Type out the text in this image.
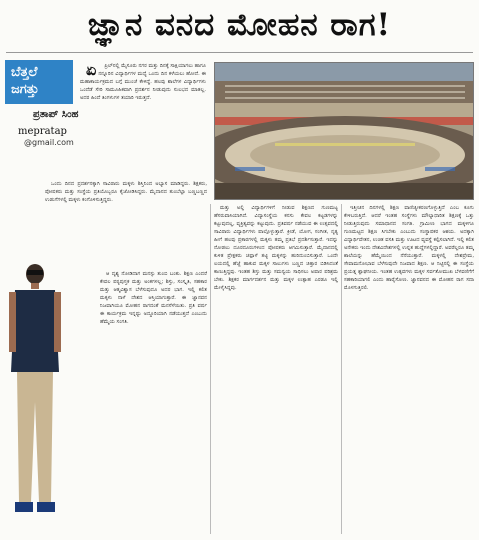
ಜ್ಞಾನ ವನದ ಮೋಹನ ರಾಗ!
ಬೆತ್ತಲೆ
ಜಗತ್ತು
ಪ್ರತಾಪ್ ಸಿಂಹ
mepratap
@gmail.com

ಏ ಪ್ರಿಲ್‌ನಲ್ಲಿ ಮೈಸೂರು ನಗರ ಮತ್ತು ದಿನಕ್ಕೆ ಸಾಕ್ಷಿಯಾಗಲು ಹಾಗೂ ನನ್ನೂರಿನ ವಿದ್ಯಾರ್ಥಿಗಳ ಮಧ್ಯೆ ಒಂದು ದಿನ ಕಳೆಯಲು ಹೋದೆ. ಈ ಮಹಾಕಾರ್ಯಕ್ರಮದ ಬಗ್ಗೆ ಮುಂಚೆ ಕೇಳಿದ್ದೆ. ಹಲವು ಶಾಲೆಗಳ ವಿದ್ಯಾರ್ಥಿಗಳು ಒಂದೆಡೆ ಸೇರಿ ಸಾಮೂಹಿಕವಾಗಿ ಪ್ರದರ್ಶನ ನೀಡುವುದು ಸುಲಭದ ಮಾತಲ್ಲ. ಅದರ ಹಿಂದೆ ತಿಂಗಳುಗಳ ತಯಾರಿ ಇರುತ್ತದೆ.

ಒಂದು ದಿನದ ಪ್ರದರ್ಶನಕ್ಕಾಗಿ ಸಾವಿರಾರು ಮಕ್ಕಳು ಶಿಸ್ತಿನಿಂದ ಅಭ್ಯಾಸ ಮಾಡಿದ್ದರು. ಶಿಕ್ಷಕರು, ಪೋಷಕರು ಮತ್ತು ಸಂಸ್ಥೆಯ ಪ್ರತಿಯೊಬ್ಬರೂ ಕೈಜೋಡಿಸಿದ್ದರು. ಮೈದಾನದ ತುಂಬೆಲ್ಲಾ ಬಣ್ಣಬಣ್ಣದ ಉಡುಗೆಗಳಲ್ಲಿ ಮಕ್ಕಳು ಕಂಗೊಳಿಸುತ್ತಿದ್ದರು.

ಆ ದೃಶ್ಯ ನೋಡಿದಾಗ ಮನಸ್ಸು ತುಂಬಿ ಬಂತು. ಶಿಕ್ಷಣ ಎಂದರೆ ಕೇವಲ ಪಠ್ಯಪುಸ್ತಕ ಮತ್ತು ಅಂಕಗಳಲ್ಲ; ಶಿಸ್ತು, ಸಂಸ್ಕೃತಿ, ಸಹಕಾರ ಮತ್ತು ಆತ್ಮವಿಶ್ವಾಸ ಬೆಳೆಸುವುದೂ ಅದರ ಭಾಗ. ಇಲ್ಲಿ ಕಲಿತ ಮಕ್ಕಳು ನಾಳೆ ದೇಶದ ಆಸ್ತಿಯಾಗುತ್ತಾರೆ. ಈ ಜ್ಞಾನವನ ನಿಜವಾಗಿಯೂ ಮೋಹನ ರಾಗದಂತೆ ಮನಸೆಳೆಯಿತು. ಪ್ರತಿ ವರ್ಷ ಈ ಕಾರ್ಯಕ್ರಮ ಇನ್ನಷ್ಟು ಅದ್ದೂರಿಯಾಗಿ ನಡೆಯುತ್ತದೆ ಎಂಬುದು ಹೆಮ್ಮೆಯ ಸಂಗತಿ.

ಮತ್ತು ಅಲ್ಲಿ ವಿದ್ಯಾರ್ಥಿಗಳಿಗೆ ನೀಡುವ ಶಿಕ್ಷಣದ ಗುಣಮಟ್ಟ ಹೆಸರುವಾಸಿಯಾಗಿದೆ. ವಿದ್ಯಾಸಂಸ್ಥೆಯ ಕನಸು ಕೇವಲ ಕಟ್ಟಡಗಳನ್ನು ಕಟ್ಟುವುದಲ್ಲ, ವ್ಯಕ್ತಿತ್ವವನ್ನು ಕಟ್ಟುವುದು. ಪ್ರತಿವರ್ಷ ನಡೆಯುವ ಈ ಉತ್ಸವದಲ್ಲಿ ಸಾವಿರಾರು ವಿದ್ಯಾರ್ಥಿಗಳು ಪಾಲ್ಗೊಳ್ಳುತ್ತಾರೆ. ಕ್ರೀಡೆ, ಯೋಗ, ಸಂಗೀತ, ನೃತ್ಯ ಹೀಗೆ ಹಲವು ಪ್ರಕಾರಗಳಲ್ಲಿ ಮಕ್ಕಳು ತಮ್ಮ ಪ್ರತಿಭೆ ಪ್ರದರ್ಶಿಸುತ್ತಾರೆ. ಇದನ್ನು ನೋಡಲು ದೂರದೂರುಗಳಿಂದ ಪೋಷಕರು ಆಗಮಿಸುತ್ತಾರೆ. ಮೈದಾನದಲ್ಲಿ ಕುಳಿತ ಪ್ರೇಕ್ಷಕರು ಚಪ್ಪಾಳೆ ತಟ್ಟಿ ಮಕ್ಕಳನ್ನು ಹುರಿದುಂಬಿಸುತ್ತಾರೆ. ಒಂದೇ ಲಯದಲ್ಲಿ ಹೆಜ್ಜೆ ಹಾಕುವ ಮಕ್ಕಳ ಸಾಲುಗಳು ಬಣ್ಣದ ಚಿತ್ತಾರ ಬಿಡಿಸಿದಂತೆ ಕಾಣುತ್ತಿದ್ದವು. ಇಂತಹ ಶಿಸ್ತು ಮತ್ತು ಸಮನ್ವಯ ಸಾಧಿಸಲು ಅಪಾರ ಪರಿಶ್ರಮ ಬೇಕು. ಶಿಕ್ಷಕರ ಮಾರ್ಗದರ್ಶನ ಮತ್ತು ಮಕ್ಕಳ ಉತ್ಸಾಹ ಎರಡೂ ಇಲ್ಲಿ ಮೇಳೈಸಿದ್ದವು.

ಇತ್ತೀಚಿನ ದಿನಗಳಲ್ಲಿ ಶಿಕ್ಷಣ ವಾಣಿಜ್ಯೀಕರಣಗೊಳ್ಳುತ್ತಿದೆ ಎಂಬ ಕೂಗು ಕೇಳಿಬರುತ್ತಿದೆ. ಆದರೆ ಇಂತಹ ಸಂಸ್ಥೆಗಳು ಮೌಲ್ಯಾಧಾರಿತ ಶಿಕ್ಷಣಕ್ಕೆ ಒತ್ತು ನೀಡುತ್ತಿರುವುದು ಸಮಾಧಾನದ ಸಂಗತಿ. ಗ್ರಾಮೀಣ ಭಾಗದ ಮಕ್ಕಳಿಗೂ ಗುಣಮಟ್ಟದ ಶಿಕ್ಷಣ ಸಿಗಬೇಕು ಎಂಬುದು ಸಂಸ್ಥಾಪಕರ ಆಶಯ. ಅದಕ್ಕಾಗಿ ವಿದ್ಯಾರ್ಥಿವೇತನ, ಉಚಿತ ವಸತಿ ಮತ್ತು ಊಟದ ವ್ಯವಸ್ಥೆ ಕಲ್ಪಿಸಲಾಗಿದೆ. ಇಲ್ಲಿ ಕಲಿತ ಅನೇಕರು ಇಂದು ದೇಶವಿದೇಶಗಳಲ್ಲಿ ಉನ್ನತ ಹುದ್ದೆಗಳಲ್ಲಿದ್ದಾರೆ. ಅವರೆಲ್ಲರೂ ತಮ್ಮ ಶಾಲೆಯನ್ನು ಹೆಮ್ಮೆಯಿಂದ ನೆನೆಯುತ್ತಾರೆ. ಮಕ್ಕಳಲ್ಲಿ ದೇಶಪ್ರೇಮ, ಸೇವಾಮನೋಭಾವ ಬೆಳೆಸುವುದೇ ನಿಜವಾದ ಶಿಕ್ಷಣ. ಆ ನಿಟ್ಟಿನಲ್ಲಿ ಈ ಸಂಸ್ಥೆಯ ಪ್ರಯತ್ನ ಶ್ಲಾಘನೀಯ. ಇಂತಹ ಉತ್ಸವಗಳು ಮಕ್ಕಳ ಸರ್ವತೋಮುಖ ಬೆಳವಣಿಗೆಗೆ ಸಹಕಾರಿಯಾಗಲಿ ಎಂದು ಹಾರೈಸೋಣ. ಜ್ಞಾನವನದ ಈ ಮೋಹನ ರಾಗ ಸದಾ ಮೊಳಗುತ್ತಿರಲಿ.
